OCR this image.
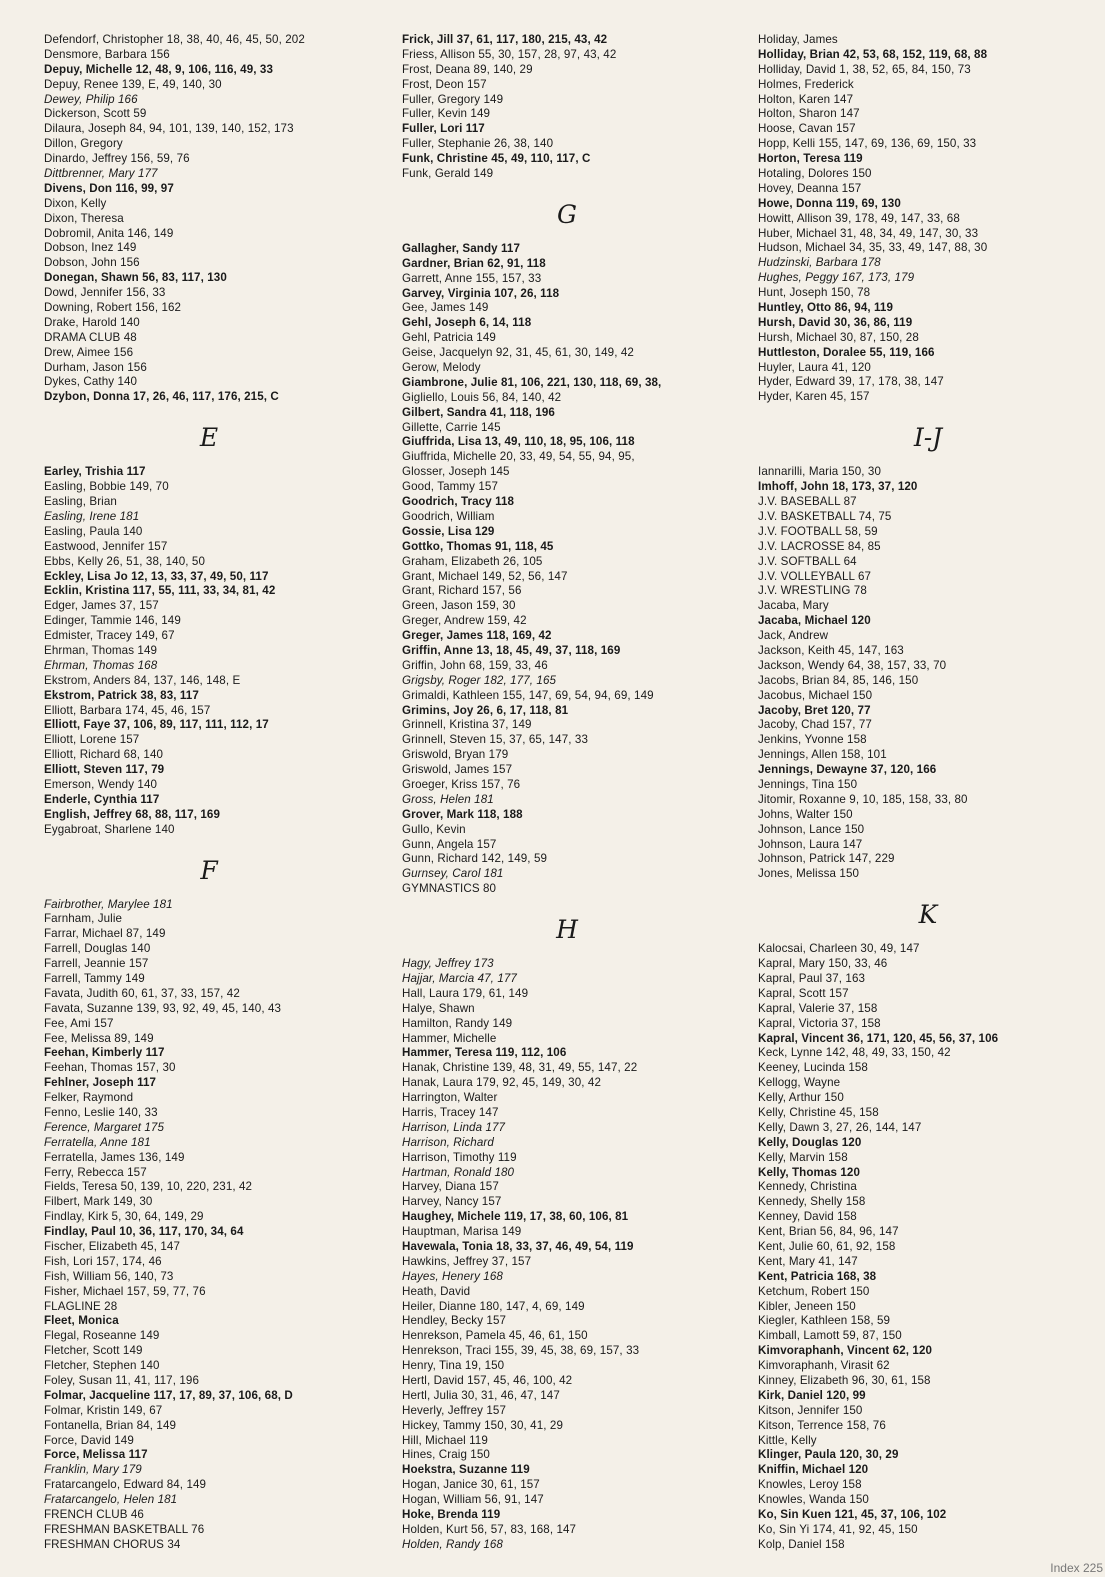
Defendorf, Christopher 18, 38, 40, 46, 45, 50, 202
Densmore, Barbara 156
Depuy, Michelle 12, 48, 9, 106, 116, 49, 33
Depuy, Renee 139, E, 49, 140, 30
Dewey, Philip 166
Dickerson, Scott 59
Dilaura, Joseph 84, 94, 101, 139, 140, 152, 173
Dillon, Gregory
Dinardo, Jeffrey 156, 59, 76
Dittbrenner, Mary 177
Divens, Don 116, 99, 97
Dixon, Kelly
Dixon, Theresa
Dobromil, Anita 146, 149
Dobson, Inez 149
Dobson, John 156
Donegan, Shawn 56, 83, 117, 130
Dowd, Jennifer 156, 33
Downing, Robert 156, 162
Drake, Harold 140
DRAMA CLUB 48
Drew, Aimee 156
Durham, Jason 156
Dykes, Cathy 140
Dzybon, Donna 17, 26, 46, 117, 176, 215, C
E
Earley, Trishia 117
Easling, Bobbie 149, 70
Easling, Brian
Easling, Irene 181
Easling, Paula 140
Eastwood, Jennifer 157
Ebbs, Kelly 26, 51, 38, 140, 50
Eckley, Lisa Jo 12, 13, 33, 37, 49, 50, 117
Ecklin, Kristina 117, 55, 111, 33, 34, 81, 42
Edger, James 37, 157
Edinger, Tammie 146, 149
Edmister, Tracey 149, 67
Ehrman, Thomas 149
Ehrman, Thomas 168
Ekstrom, Anders 84, 137, 146, 148, E
Ekstrom, Patrick 38, 83, 117
Elliott, Barbara 174, 45, 46, 157
Elliott, Faye 37, 106, 89, 117, 111, 112, 17
Elliott, Lorene 157
Elliott, Richard 68, 140
Elliott, Steven 117, 79
Emerson, Wendy 140
Enderle, Cynthia 117
English, Jeffrey 68, 88, 117, 169
Eygabroat, Sharlene 140
F
Fairbrother, Marylee 181
Farnham, Julie
Farrar, Michael 87, 149
Farrell, Douglas 140
Farrell, Jeannie 157
Farrell, Tammy 149
Favata, Judith 60, 61, 37, 33, 157, 42
Favata, Suzanne 139, 93, 92, 49, 45, 140, 43
Fee, Ami 157
Fee, Melissa 89, 149
Feehan, Kimberly 117
Feehan, Thomas 157, 30
Fehlner, Joseph 117
Felker, Raymond
Fenno, Leslie 140, 33
Ference, Margaret 175
Ferratella, Anne 181
Ferratella, James 136, 149
Ferry, Rebecca 157
Fields, Teresa 50, 139, 10, 220, 231, 42
Filbert, Mark 149, 30
Findlay, Kirk 5, 30, 64, 149, 29
Findlay, Paul 10, 36, 117, 170, 34, 64
Fischer, Elizabeth 45, 147
Fish, Lori 157, 174, 46
Fish, William 56, 140, 73
Fisher, Michael 157, 59, 77, 76
FLAGLINE 28
Fleet, Monica
Flegal, Roseanne 149
Fletcher, Scott 149
Fletcher, Stephen 140
Foley, Susan 11, 41, 117, 196
Folmar, Jacqueline 117, 17, 89, 37, 106, 68, D
Folmar, Kristin 149, 67
Fontanella, Brian 84, 149
Force, David 149
Force, Melissa 117
Franklin, Mary 179
Fratarcangelo, Edward 84, 149
Fratarcangelo, Helen 181
FRENCH CLUB 46
FRESHMAN BASKETBALL 76
FRESHMAN CHORUS 34
Frick, Jill 37, 61, 117, 180, 215, 43, 42
Friess, Allison 55, 30, 157, 28, 97, 43, 42
Frost, Deana 89, 140, 29
Frost, Deon 157
Fuller, Gregory 149
Fuller, Kevin 149
Fuller, Lori 117
Fuller, Stephanie 26, 38, 140
Funk, Christine 45, 49, 110, 117, C
Funk, Gerald 149
G
Gallagher, Sandy 117
Gardner, Brian 62, 91, 118
Garrett, Anne 155, 157, 33
Garvey, Virginia 107, 26, 118
Gee, James 149
Gehl, Joseph 6, 14, 118
Gehl, Patricia 149
Geise, Jacquelyn 92, 31, 45, 61, 30, 149, 42
Gerow, Melody
Giambrone, Julie 81, 106, 221, 130, 118, 69, 38,
Gigliello, Louis 56, 84, 140, 42
Gilbert, Sandra 41, 118, 196
Gillette, Carrie 145
Giuffrida, Lisa 13, 49, 110, 18, 95, 106, 118
Giuffrida, Michelle 20, 33, 49, 54, 55, 94, 95,
Glosser, Joseph 145
Good, Tammy 157
Goodrich, Tracy 118
Goodrich, William
Gossie, Lisa 129
Gottko, Thomas 91, 118, 45
Graham, Elizabeth 26, 105
Grant, Michael 149, 52, 56, 147
Grant, Richard 157, 56
Green, Jason 159, 30
Greger, Andrew 159, 42
Greger, James 118, 169, 42
Griffin, Anne 13, 18, 45, 49, 37, 118, 169
Griffin, John 68, 159, 33, 46
Grigsby, Roger 182, 177, 165
Grimaldi, Kathleen 155, 147, 69, 54, 94, 69, 149
Grimins, Joy 26, 6, 17, 118, 81
Grinnell, Kristina 37, 149
Grinnell, Steven 15, 37, 65, 147, 33
Griswold, Bryan 179
Griswold, James 157
Groeger, Kriss 157, 76
Gross, Helen 181
Grover, Mark 118, 188
Gullo, Kevin
Gunn, Angela 157
Gunn, Richard 142, 149, 59
Gurnsey, Carol 181
GYMNASTICS 80
H
Hagy, Jeffrey 173
Hajjar, Marcia 47, 177
Hall, Laura 179, 61, 149
Halye, Shawn
Hamilton, Randy 149
Hammer, Michelle
Hammer, Teresa 119, 112, 106
Hanak, Christine 139, 48, 31, 49, 55, 147, 22
Hanak, Laura 179, 92, 45, 149, 30, 42
Harrington, Walter
Harris, Tracey 147
Harrison, Linda 177
Harrison, Richard
Harrison, Timothy 119
Hartman, Ronald 180
Harvey, Diana 157
Harvey, Nancy 157
Haughey, Michele 119, 17, 38, 60, 106, 81
Hauptman, Marisa 149
Havewala, Tonia 18, 33, 37, 46, 49, 54, 119
Hawkins, Jeffrey 37, 157
Hayes, Henery 168
Heath, David
Heiler, Dianne 180, 147, 4, 69, 149
Hendley, Becky 157
Henrekson, Pamela 45, 46, 61, 150
Henrekson, Traci 155, 39, 45, 38, 69, 157, 33
Henry, Tina 19, 150
Hertl, David 157, 45, 46, 100, 42
Hertl, Julia 30, 31, 46, 47, 147
Heverly, Jeffrey 157
Hickey, Tammy 150, 30, 41, 29
Hill, Michael 119
Hines, Craig 150
Hoekstra, Suzanne 119
Hogan, Janice 30, 61, 157
Hogan, William 56, 91, 147
Hoke, Brenda 119
Holden, Kurt 56, 57, 83, 168, 147
Holden, Randy 168
Holiday, James
Holliday, Brian 42, 53, 68, 152, 119, 68, 88
Holliday, David 1, 38, 52, 65, 84, 150, 73
Holmes, Frederick
Holton, Karen 147
Holton, Sharon 147
Hoose, Cavan 157
Hopp, Kelli 155, 147, 69, 136, 69, 150, 33
Horton, Teresa 119
Hotaling, Dolores 150
Hovey, Deanna 157
Howe, Donna 119, 69, 130
Howitt, Allison 39, 178, 49, 147, 33, 68
Huber, Michael 31, 48, 34, 49, 147, 30, 33
Hudson, Michael 34, 35, 33, 49, 147, 88, 30
Hudzinski, Barbara 178
Hughes, Peggy 167, 173, 179
Hunt, Joseph 150, 78
Huntley, Otto 86, 94, 119
Hursh, David 30, 36, 86, 119
Hursh, Michael 30, 87, 150, 28
Huttleston, Doralee 55, 119, 166
Huyler, Laura 41, 120
Hyder, Edward 39, 17, 178, 38, 147
Hyder, Karen 45, 157
I-J
Iannarilli, Maria 150, 30
Imhoff, John 18, 173, 37, 120
J.V. BASEBALL 87
J.V. BASKETBALL 74, 75
J.V. FOOTBALL 58, 59
J.V. LACROSSE 84, 85
J.V. SOFTBALL 64
J.V. VOLLEYBALL 67
J.V. WRESTLING 78
Jacaba, Mary
Jacaba, Michael 120
Jack, Andrew
Jackson, Keith 45, 147, 163
Jackson, Wendy 64, 38, 157, 33, 70
Jacobs, Brian 84, 85, 146, 150
Jacobus, Michael 150
Jacoby, Bret 120, 77
Jacoby, Chad 157, 77
Jenkins, Yvonne 158
Jennings, Allen 158, 101
Jennings, Dewayne 37, 120, 166
Jennings, Tina 150
Jitomir, Roxanne 9, 10, 185, 158, 33, 80
Johns, Walter 150
Johnson, Lance 150
Johnson, Laura 147
Johnson, Patrick 147, 229
Jones, Melissa 150
K
Kalocsai, Charleen 30, 49, 147
Kapral, Mary 150, 33, 46
Kapral, Paul 37, 163
Kapral, Scott 157
Kapral, Valerie 37, 158
Kapral, Victoria 37, 158
Kapral, Vincent 36, 171, 120, 45, 56, 37, 106
Keck, Lynne 142, 48, 49, 33, 150, 42
Keeney, Lucinda 158
Kellogg, Wayne
Kelly, Arthur 150
Kelly, Christine 45, 158
Kelly, Dawn 3, 27, 26, 144, 147
Kelly, Douglas 120
Kelly, Marvin 158
Kelly, Thomas 120
Kennedy, Christina
Kennedy, Shelly 158
Kenney, David 158
Kent, Brian 56, 84, 96, 147
Kent, Julie 60, 61, 92, 158
Kent, Mary 41, 147
Kent, Patricia 168, 38
Ketchum, Robert 150
Kibler, Jeneen 150
Kiegler, Kathleen 158, 59
Kimball, Lamott 59, 87, 150
Kimvoraphanh, Vincent 62, 120
Kimvoraphanh, Virasit 62
Kinney, Elizabeth 96, 30, 61, 158
Kirk, Daniel 120, 99
Kitson, Jennifer 150
Kitson, Terrence 158, 76
Kittle, Kelly
Klinger, Paula 120, 30, 29
Kniffin, Michael 120
Knowles, Leroy 158
Knowles, Wanda 150
Ko, Sin Kuen 121, 45, 37, 106, 102
Ko, Sin Yi 174, 41, 92, 45, 150
Kolp, Daniel 158
Index 225
